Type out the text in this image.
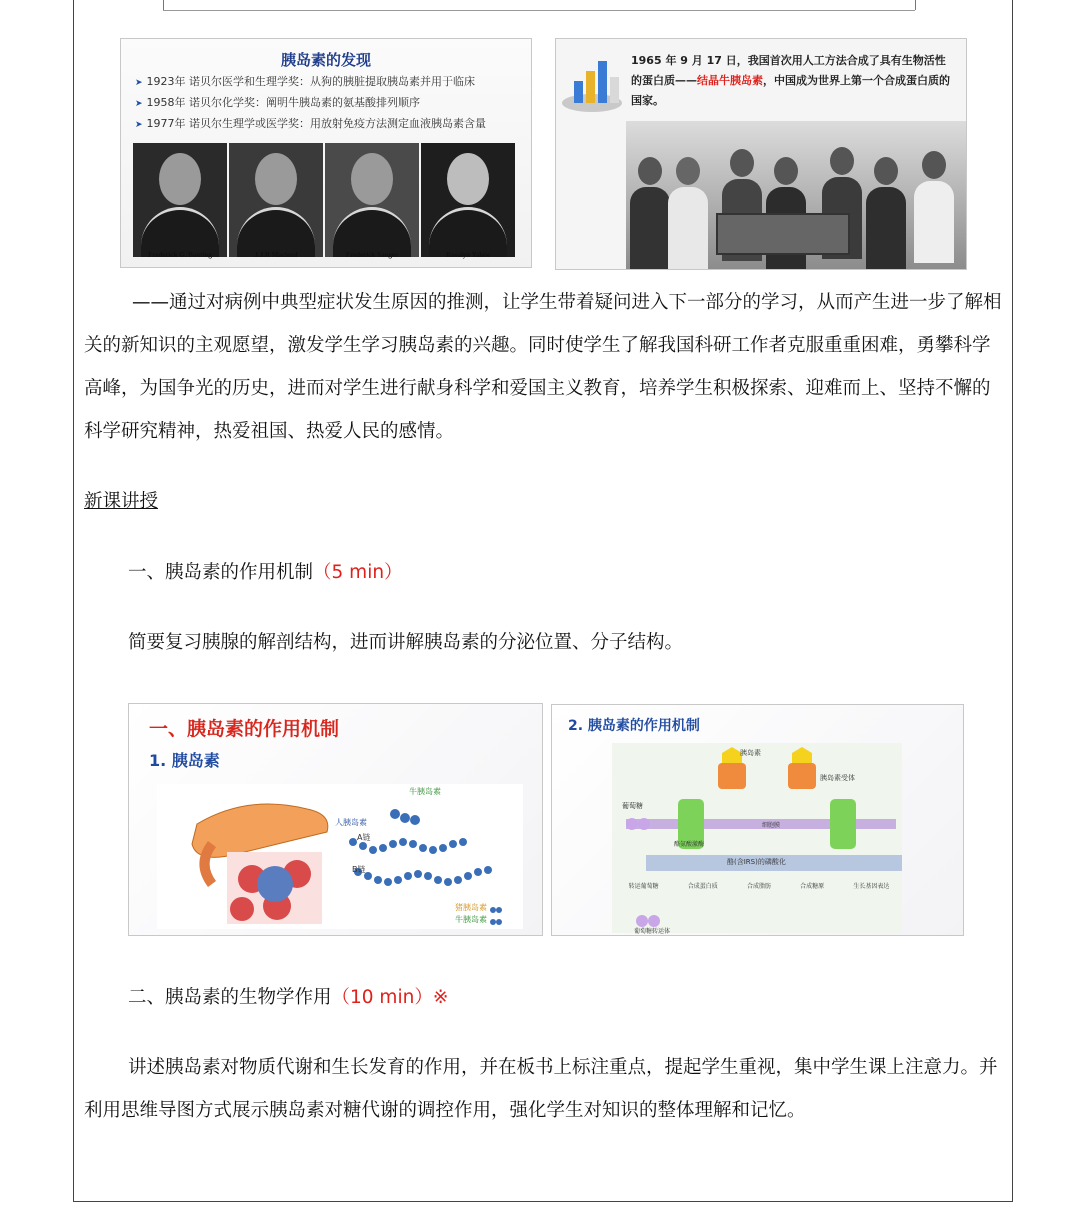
胰岛素的发现
➤ 1923年 诺贝尔医学和生理学奖：从狗的胰脏提取胰岛素并用于临床
➤ 1958年 诺贝尔化学奖：阐明牛胰岛素的氨基酸排列顺序
➤ 1977年 诺贝尔生理学或医学奖：用放射免疫方法测定血液胰岛素含量
Frederick G. Banting	J.J.R Macleod	Frederick Sanger	Rosalyn Yalow
1965 年 9 月 17 日，我国首次用人工方法合成了具有生物活性的蛋白质——结晶牛胰岛素，中国成为世界上第一个合成蛋白质的国家。
——通过对病例中典型症状发生原因的推测，让学生带着疑问进入下一部分的学习，从而产生进一步了解相关的新知识的主观愿望，激发学生学习胰岛素的兴趣。同时使学生了解我国科研工作者克服重重困难，勇攀科学高峰，为国争光的历史，进而对学生进行献身科学和爱国主义教育，培养学生积极探索、迎难而上、坚持不懈的科学研究精神，热爱祖国、热爱人民的感情。
新课讲授
一、胰岛素的作用机制（5 min）
简要复习胰腺的解剖结构，进而讲解胰岛素的分泌位置、分子结构。
一、胰岛素的作用机制
1. 胰岛素
牛胰岛素
人胰岛素
A链
B链
猪胰岛素
牛胰岛素
2. 胰岛素的作用机制
胰岛素
胰岛素受体
葡萄糖
细胞膜
酪氨酸激酶
酪(含IRS)的磷酸化
转运葡萄糖	合成蛋白质	合成脂肪	合成糖原	生长基因表达
葡萄糖转运体
二、胰岛素的生物学作用（10 min）※
讲述胰岛素对物质代谢和生长发育的作用，并在板书上标注重点，提起学生重视，集中学生课上注意力。并利用思维导图方式展示胰岛素对糖代谢的调控作用，强化学生对知识的整体理解和记忆。
